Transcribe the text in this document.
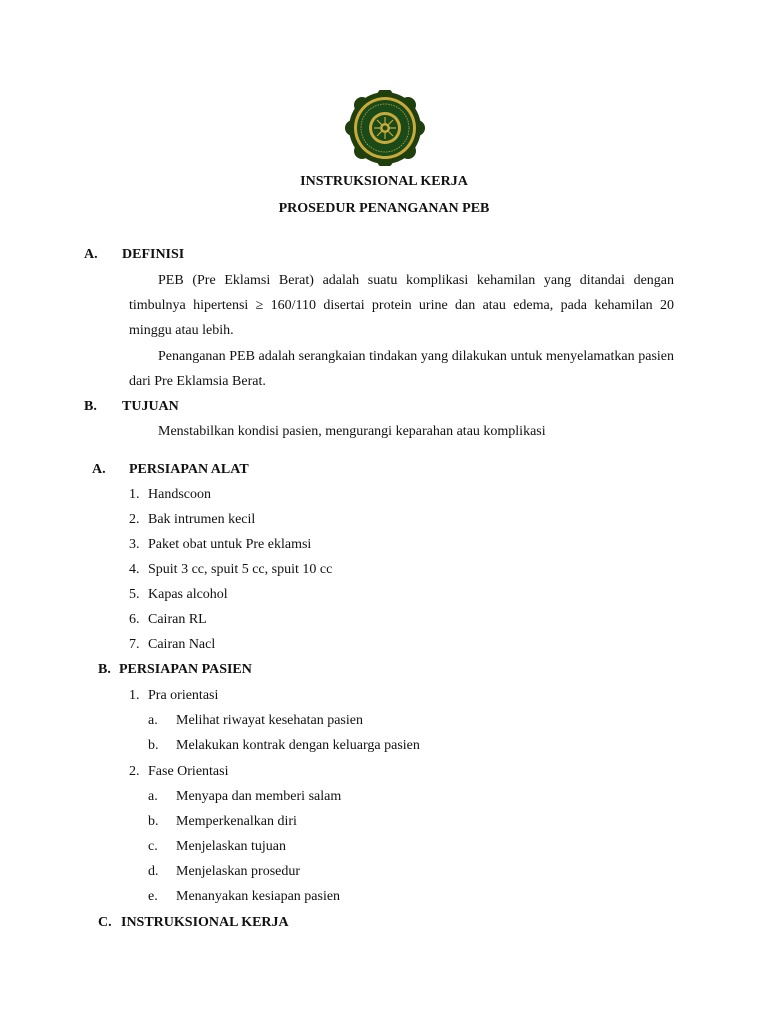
INSTRUKSIONAL KERJA
PROSEDUR PENANGANAN PEB
A. DEFINISI
PEB (Pre Eklamsi Berat) adalah suatu komplikasi kehamilan yang ditandai dengan timbulnya hipertensi ≥ 160/110 disertai protein urine dan atau edema, pada kehamilan 20 minggu atau lebih.
Penanganan PEB adalah serangkaian tindakan yang dilakukan untuk menyelamatkan pasien dari Pre Eklamsia Berat.
B. TUJUAN
Menstabilkan kondisi pasien, mengurangi keparahan atau komplikasi
A. PERSIAPAN ALAT
1. Handscoon
2. Bak intrumen kecil
3. Paket obat untuk Pre eklamsi
4. Spuit 3 cc, spuit 5 cc, spuit 10 cc
5. Kapas alcohol
6. Cairan RL
7. Cairan Nacl
B. PERSIAPAN PASIEN
1. Pra orientasi
a. Melihat riwayat kesehatan pasien
b. Melakukan kontrak dengan keluarga pasien
2. Fase Orientasi
a. Menyapa dan memberi salam
b. Memperkenalkan diri
c. Menjelaskan tujuan
d. Menjelaskan prosedur
e. Menanyakan kesiapan pasien
C. INSTRUKSIONAL KERJA
